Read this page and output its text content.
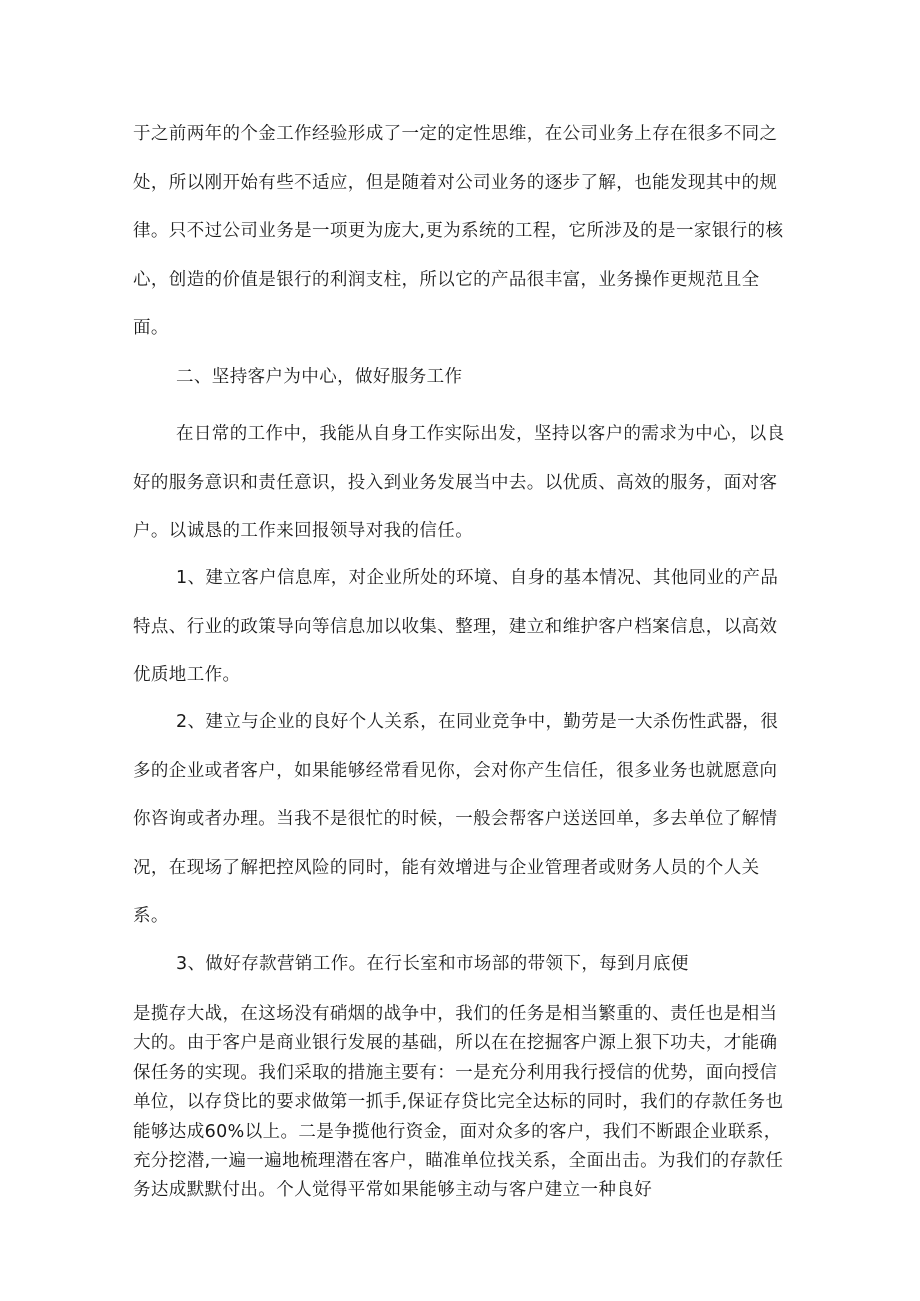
于之前两年的个金工作经验形成了一定的定性思维，在公司业务上存在很多不同之处，所以刚开始有些不适应，但是随着对公司业务的逐步了解，也能发现其中的规律。只不过公司业务是一项更为庞大,更为系统的工程，它所涉及的是一家银行的核心，创造的价值是银行的利润支柱，所以它的产品很丰富，业务操作更规范且全面。

二、坚持客户为中心，做好服务工作

在日常的工作中，我能从自身工作实际出发，坚持以客户的需求为中心，以良好的服务意识和责任意识，投入到业务发展当中去。以优质、高效的服务，面对客户。以诚恳的工作来回报领导对我的信任。

1、建立客户信息库，对企业所处的环境、自身的基本情况、其他同业的产品特点、行业的政策导向等信息加以收集、整理，建立和维护客户档案信息，以高效优质地工作。

2、建立与企业的良好个人关系，在同业竞争中，勤劳是一大杀伤性武器，很多的企业或者客户，如果能够经常看见你，会对你产生信任，很多业务也就愿意向你咨询或者办理。当我不是很忙的时候，一般会帮客户送送回单，多去单位了解情况，在现场了解把控风险的同时，能有效增进与企业管理者或财务人员的个人关系。

3、做好存款营销工作。在行长室和市场部的带领下，每到月底便

是揽存大战，在这场没有硝烟的战争中，我们的任务是相当繁重的、责任也是相当大的。由于客户是商业银行发展的基础，所以在在挖掘客户源上狠下功夫，才能确保任务的实现。我们采取的措施主要有：一是充分利用我行授信的优势，面向授信单位，以存贷比的要求做第一抓手,保证存贷比完全达标的同时，我们的存款任务也能够达成60%以上。二是争揽他行资金，面对众多的客户，我们不断跟企业联系，充分挖潜,一遍一遍地梳理潜在客户，瞄准单位找关系，全面出击。为我们的存款任务达成默默付出。个人觉得平常如果能够主动与客户建立一种良好
